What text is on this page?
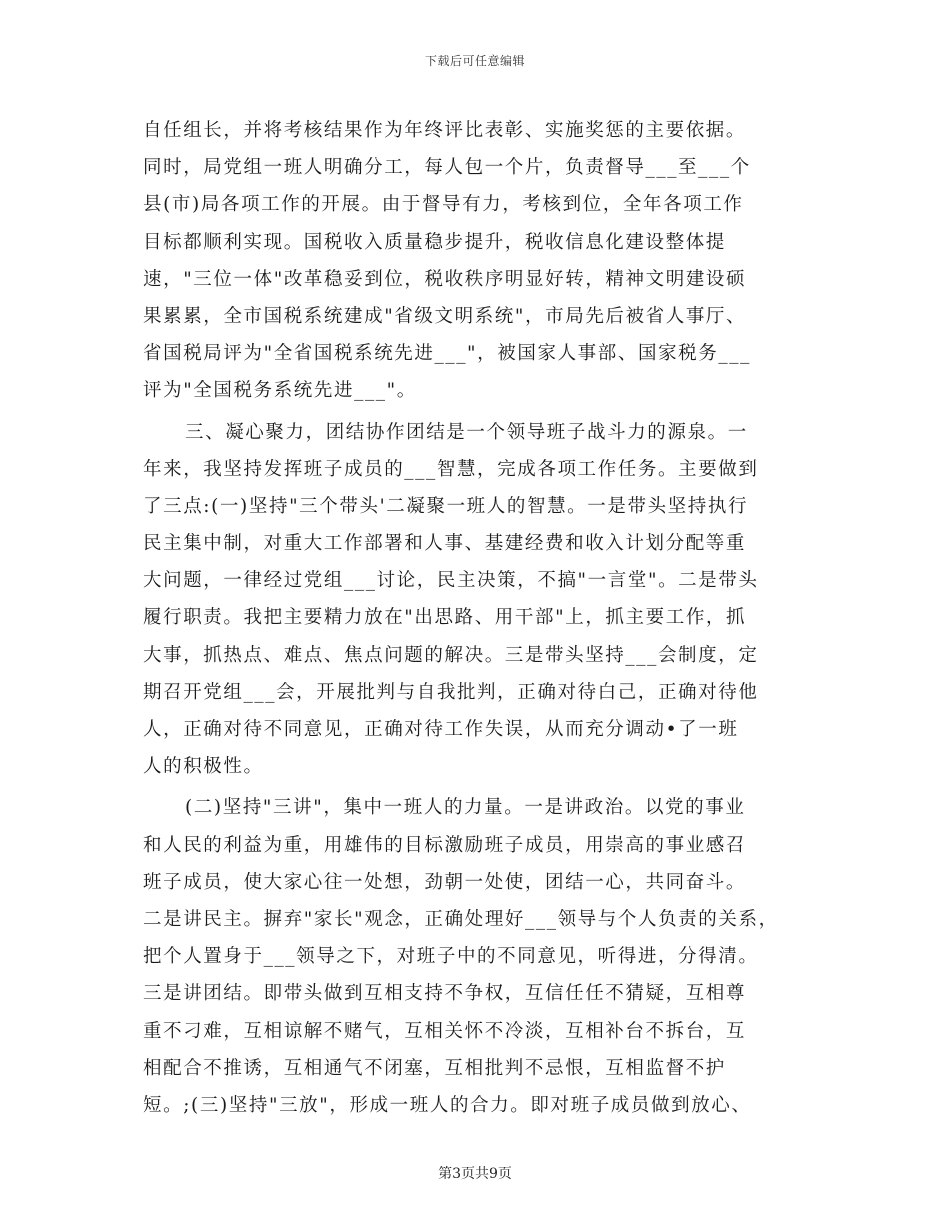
下载后可任意编辑
自任组长，并将考核结果作为年终评比表彰、实施奖惩的主要依据。
同时，局党组一班人明确分工，每人包一个片，负责督导___至___个
县(市)局各项工作的开展。由于督导有力，考核到位，全年各项工作
目标都顺利实现。国税收入质量稳步提升，税收信息化建设整体提
速，"三位一体"改革稳妥到位，税收秩序明显好转，精神文明建设硕
果累累，全市国税系统建成"省级文明系统"，市局先后被省人事厅、
省国税局评为"全省国税系统先进___"，被国家人事部、国家税务___
评为"全国税务系统先进___"。
三、凝心聚力，团结协作团结是一个领导班子战斗力的源泉。一
年来，我坚持发挥班子成员的___智慧，完成各项工作任务。主要做到
了三点:(一)坚持"三个带头'二凝聚一班人的智慧。一是带头坚持执行
民主集中制，对重大工作部署和人事、基建经费和收入计划分配等重
大问题，一律经过党组___讨论，民主决策，不搞"一言堂"。二是带头
履行职责。我把主要精力放在"出思路、用干部"上，抓主要工作，抓
大事，抓热点、难点、焦点问题的解决。三是带头坚持___会制度，定
期召开党组___会，开展批判与自我批判，正确对待白己，正确对待他
人，正确对待不同意见，正确对待工作失误，从而充分调动•了一班
人的积极性。
(二)坚持"三讲"，集中一班人的力量。一是讲政治。以党的事业
和人民的利益为重，用雄伟的目标激励班子成员，用崇高的事业感召
班子成员，使大家心往一处想，劲朝一处使，团结一心，共同奋斗。
二是讲民主。摒弃"家长"观念，正确处理好___领导与个人负责的关系，
把个人置身于___领导之下，对班子中的不同意见，听得进，分得清。
三是讲团结。即带头做到互相支持不争权，互信任任不猜疑，互相尊
重不刁难，互相谅解不赌气，互相关怀不冷淡，互相补台不拆台，互
相配合不推诱，互相通气不闭塞，互相批判不忌恨，互相监督不护
短。;(三)坚持"三放"，形成一班人的合力。即对班子成员做到放心、
第3页共9页
